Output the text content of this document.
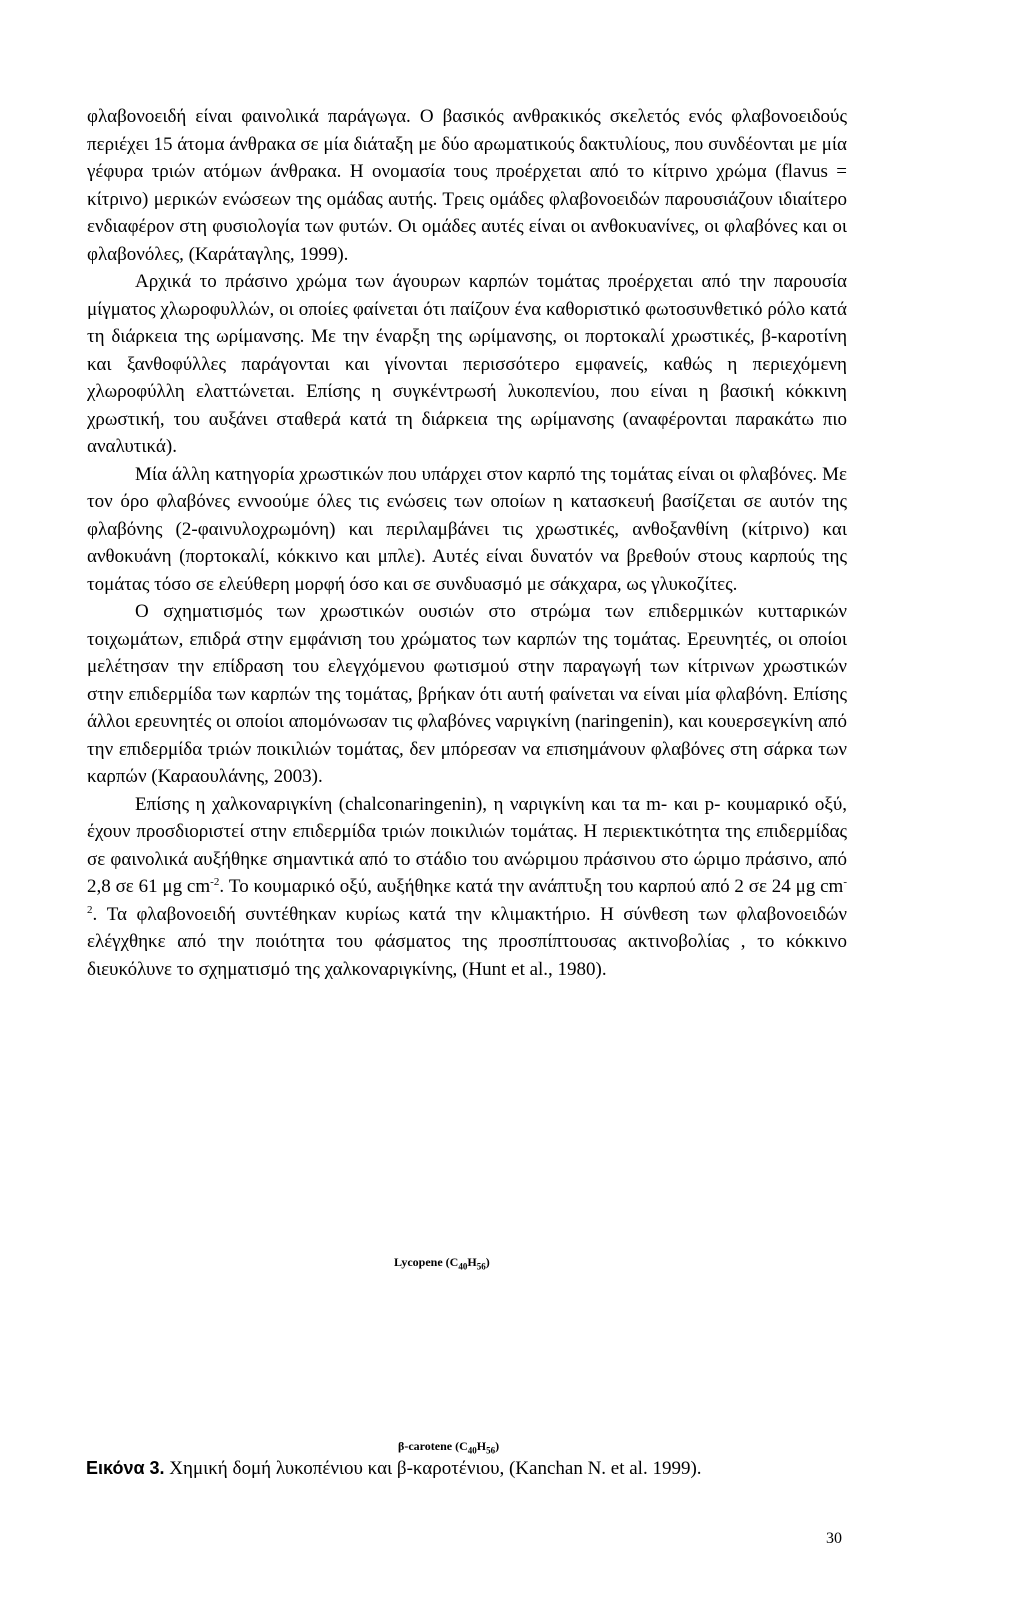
φλαβονοειδή είναι φαινολικά παράγωγα. Ο βασικός ανθρακικός σκελετός ενός φλαβονοειδούς περιέχει 15 άτομα άνθρακα σε μία διάταξη με δύο αρωματικούς δακτυλίους, που συνδέονται με μία γέφυρα τριών ατόμων άνθρακα. Η ονομασία τους προέρχεται από το κίτρινο χρώμα (flavus = κίτρινο) μερικών ενώσεων της ομάδας αυτής. Τρεις ομάδες φλαβονοειδών παρουσιάζουν ιδιαίτερο ενδιαφέρον στη φυσιολογία των φυτών. Οι ομάδες αυτές είναι οι ανθοκυανίνες, οι φλαβόνες και οι φλαβονόλες, (Καράταγλης, 1999).

Αρχικά το πράσινο χρώμα των άγουρων καρπών τομάτας προέρχεται από την παρουσία μίγματος χλωροφυλλών, οι οποίες φαίνεται ότι παίζουν ένα καθοριστικό φωτοσυνθετικό ρόλο κατά τη διάρκεια της ωρίμανσης. Με την έναρξη της ωρίμανσης, οι πορτοκαλί χρωστικές, β-καροτίνη και ξανθοφύλλες παράγονται και γίνονται περισσότερο εμφανείς, καθώς η περιεχόμενη χλωροφύλλη ελαττώνεται. Επίσης η συγκέντρωσή λυκοπενίου, που είναι η βασική κόκκινη χρωστική, του αυξάνει σταθερά κατά τη διάρκεια της ωρίμανσης (αναφέρονται παρακάτω πιο αναλυτικά).

Μία άλλη κατηγορία χρωστικών που υπάρχει στον καρπό της τομάτας είναι οι φλαβόνες. Με τον όρο φλαβόνες εννοούμε όλες τις ενώσεις των οποίων η κατασκευή βασίζεται σε αυτόν της φλαβόνης (2-φαινυλοχρωμόνη) και περιλαμβάνει τις χρωστικές, ανθοξανθίνη (κίτρινο) και ανθοκυάνη (πορτοκαλί, κόκκινο και μπλε). Αυτές είναι δυνατόν να βρεθούν στους καρπούς της τομάτας τόσο σε ελεύθερη μορφή όσο και σε συνδυασμό με σάκχαρα, ως γλυκοζίτες.

Ο σχηματισμός των χρωστικών ουσιών στο στρώμα των επιδερμικών κυτταρικών τοιχωμάτων, επιδρά στην εμφάνιση του χρώματος των καρπών της τομάτας. Ερευνητές, οι οποίοι μελέτησαν την επίδραση του ελεγχόμενου φωτισμού στην παραγωγή των κίτρινων χρωστικών στην επιδερμίδα των καρπών της τομάτας, βρήκαν ότι αυτή φαίνεται να είναι μία φλαβόνη. Επίσης άλλοι ερευνητές οι οποίοι απομόνωσαν τις φλαβόνες ναριγκίνη (naringenin), και κουερσεγκίνη από την επιδερμίδα τριών ποικιλιών τομάτας, δεν μπόρεσαν να επισημάνουν φλαβόνες στη σάρκα των καρπών (Καραουλάνης, 2003).

Επίσης η χαλκοναριγκίνη (chalconaringenin), η ναριγκίνη και τα m- και p- κουμαρικό οξύ, έχουν προσδιοριστεί στην επιδερμίδα τριών ποικιλιών τομάτας. Η περιεκτικότητα της επιδερμίδας σε φαινολικά αυξήθηκε σημαντικά από το στάδιο του ανώριμου πράσινου στο ώριμο πράσινο, από 2,8 σε 61 μg $cm^{-2}$. Το κουμαρικό οξύ, αυξήθηκε κατά την ανάπτυξη του καρπού από 2 σε 24 μg $cm^{-2}$. Τα φλαβονοειδή συντέθηκαν κυρίως κατά την κλιμακτήριο. Η σύνθεση των φλαβονοειδών ελέγχθηκε από την ποιότητα του φάσματος της προσπίπτουσας ακτινοβολίας , το κόκκινο διευκόλυνε το σχηματισμό της χαλκοναριγκίνης, (Hunt et al., 1980).

Lycopene $(C_{40}H_{56})$
β-carotene $(C_{40}H_{56})$
Εικόνα 3. Χημική δομή λυκοπένιου και β-καροτένιου, (Kanchan N. et al. 1999).
30
